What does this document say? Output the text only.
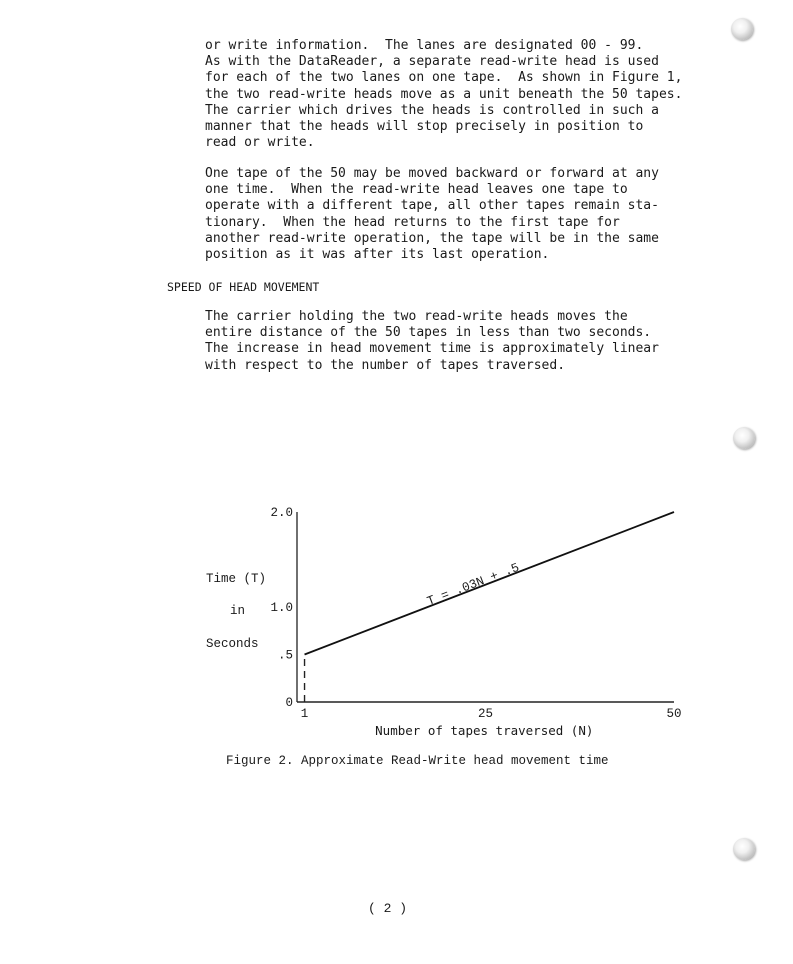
or write information.  The lanes are designated 00 - 99.
As with the DataReader, a separate read-write head is used
for each of the two lanes on one tape.  As shown in Figure 1,
the two read-write heads move as a unit beneath the 50 tapes.
The carrier which drives the heads is controlled in such a
manner that the heads will stop precisely in position to
read or write.
One tape of the 50 may be moved backward or forward at any
one time.  When the read-write head leaves one tape to
operate with a different tape, all other tapes remain sta-
tionary.  When the head returns to the first tape for
another read-write operation, the tape will be in the same
position as it was after its last operation.

SPEED OF HEAD MOVEMENT

The carrier holding the two read-write heads moves the
entire distance of the 50 tapes in less than two seconds.
The increase in head movement time is approximately linear
with respect to the number of tapes traversed.
0
.5
1.0
2.0
1	25	50
Number of tapes traversed (N)
T = .03N + .5

Time (T)

in

Seconds

Figure 2. Approximate Read-Write head movement time

( 2 )
